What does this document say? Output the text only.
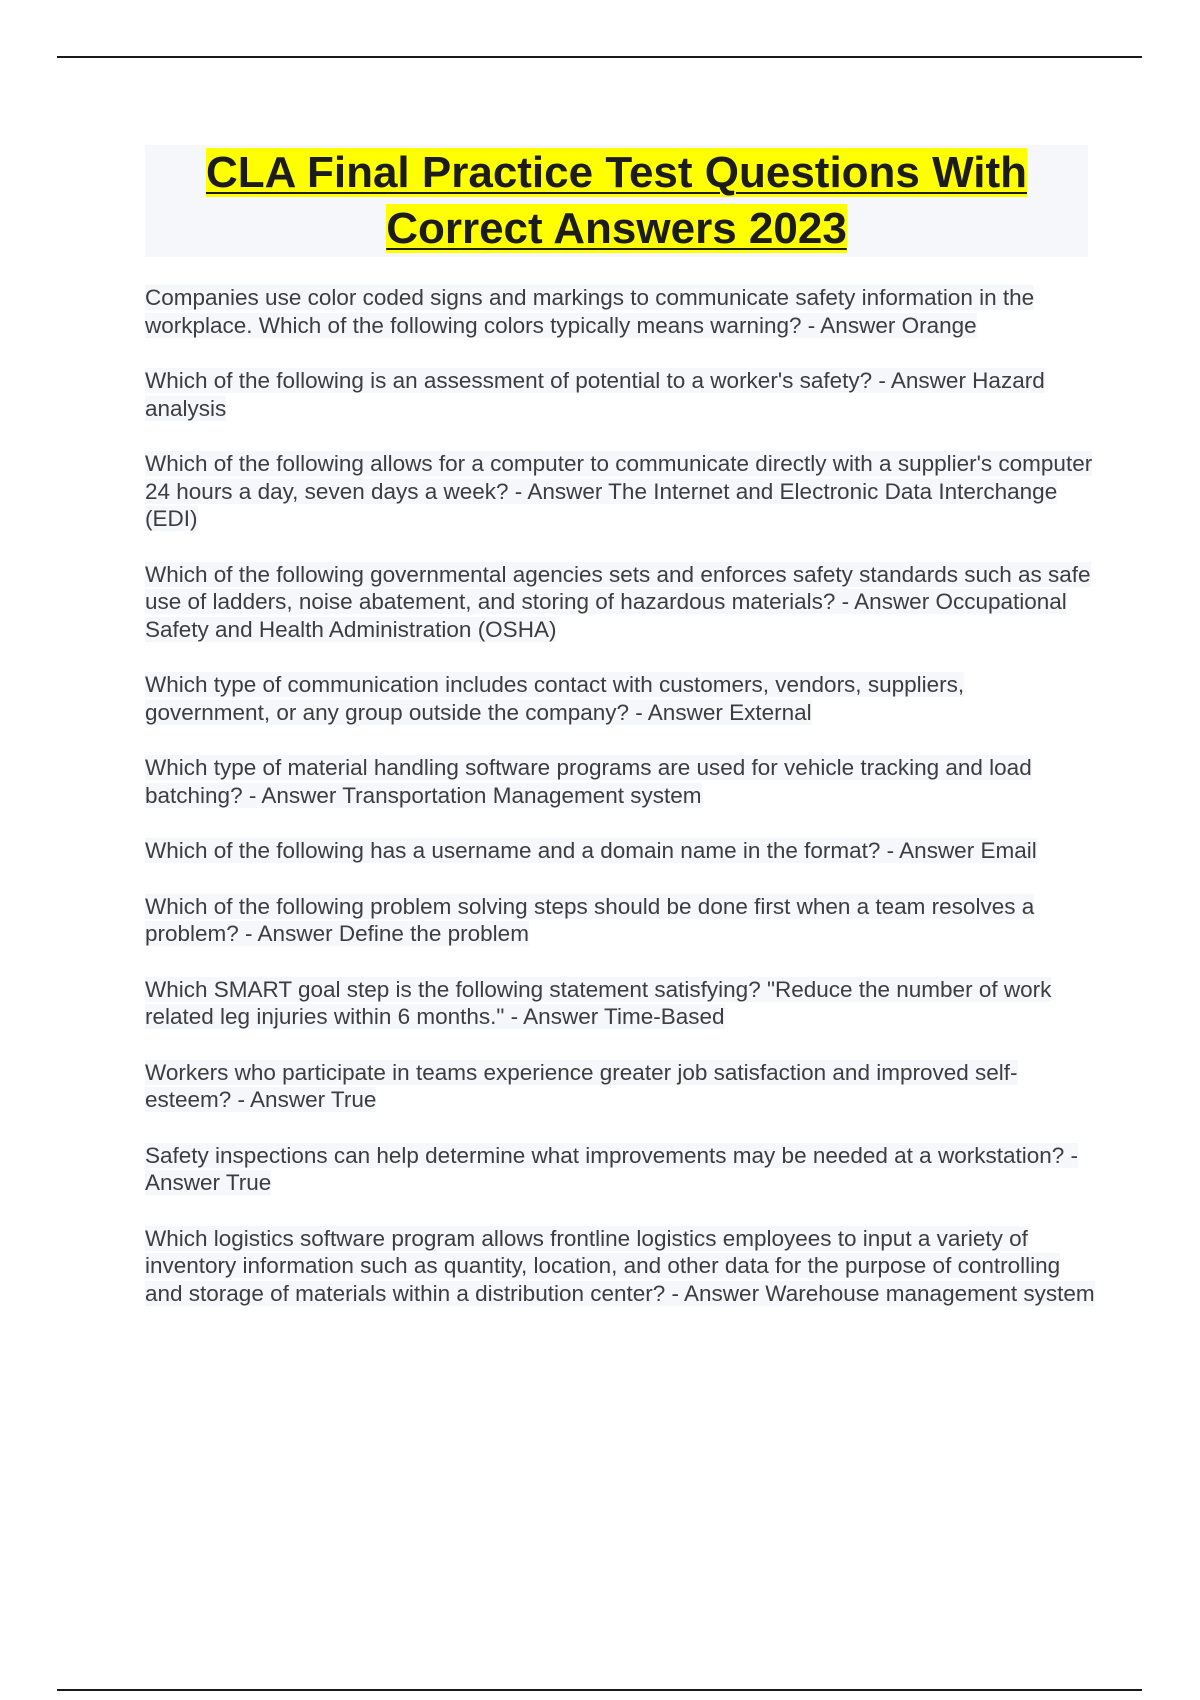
CLA Final Practice Test Questions With
Correct Answers 2023

Companies use color coded signs and markings to communicate safety information in the workplace. Which of the following colors typically means warning? - Answer Orange

Which of the following is an assessment of potential to a worker's safety? - Answer Hazard analysis

Which of the following allows for a computer to communicate directly with a supplier's computer 24 hours a day, seven days a week? - Answer The Internet and Electronic Data Interchange (EDI)

Which of the following governmental agencies sets and enforces safety standards such as safe use of ladders, noise abatement, and storing of hazardous materials? - Answer Occupational Safety and Health Administration (OSHA)

Which type of communication includes contact with customers, vendors, suppliers, government, or any group outside the company? - Answer External

Which type of material handling software programs are used for vehicle tracking and load batching? - Answer Transportation Management system

Which of the following has a username and a domain name in the format? - Answer Email

Which of the following problem solving steps should be done first when a team resolves a problem? - Answer Define the problem

Which SMART goal step is the following statement satisfying? "Reduce the number of work related leg injuries within 6 months." - Answer Time-Based

Workers who participate in teams experience greater job satisfaction and improved self-esteem? - Answer True

Safety inspections can help determine what improvements may be needed at a workstation? - Answer True

Which logistics software program allows frontline logistics employees to input a variety of inventory information such as quantity, location, and other data for the purpose of controlling and storage of materials within a distribution center? - Answer Warehouse management system
